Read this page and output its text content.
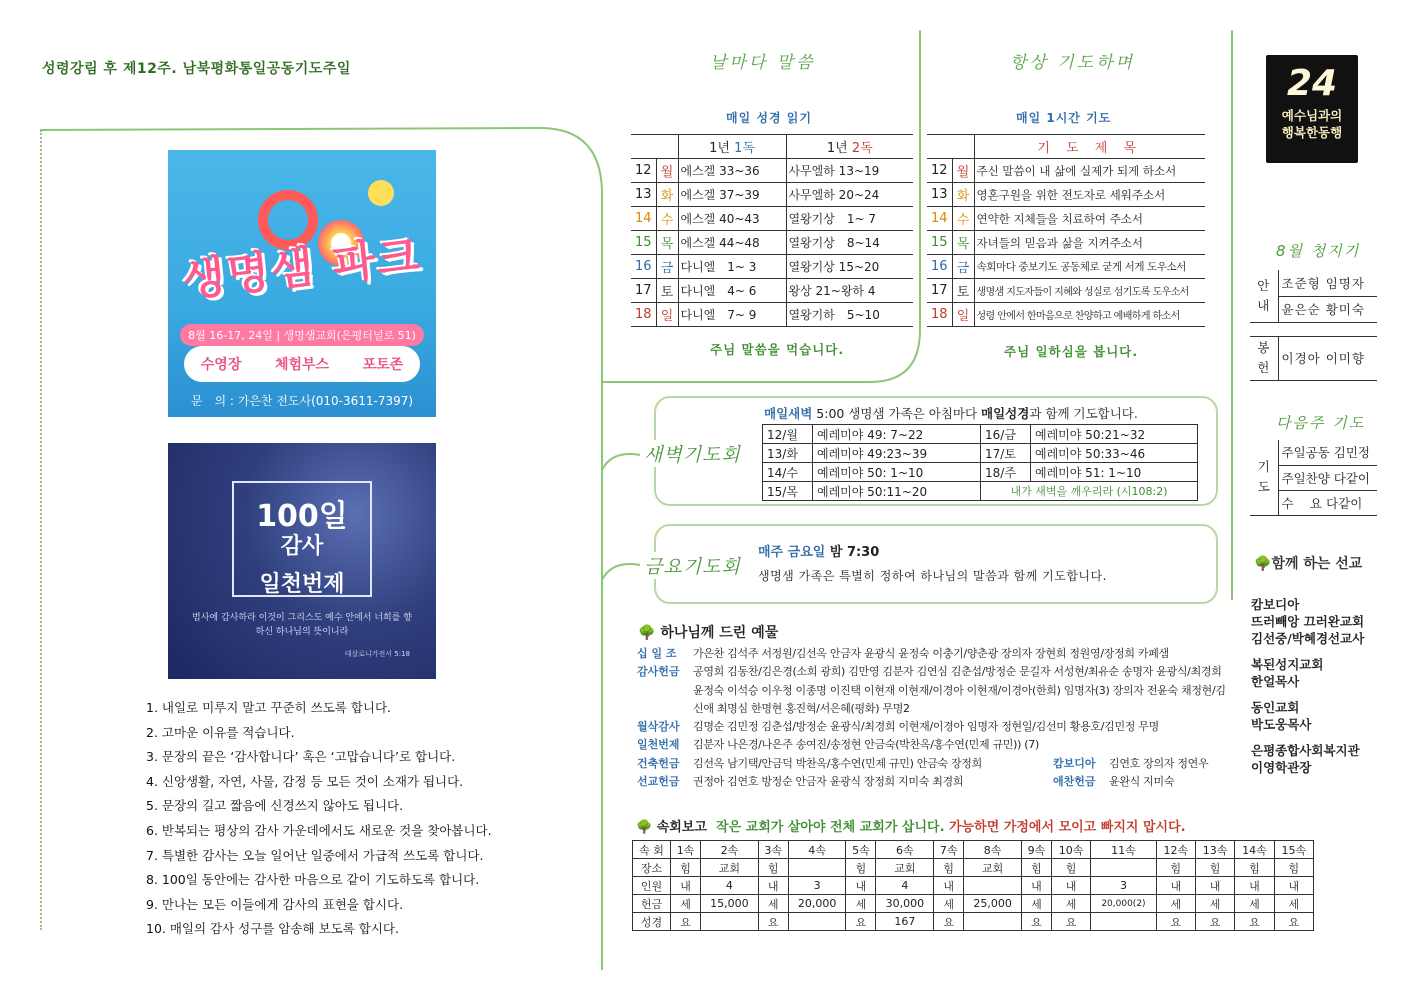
성령강림 후 제12주. 남북평화통일공동기도주일
생명샘 파크
8월 16-17, 24일 | 생명샘교회(은평터널로 51)
수영장 체험부스 포토존
문　의 : 가은찬 전도사(010-3611-7397)
100일
감사
일천번제
범사에 감사하라 이것이 그리스도 예수 안에서 너희를 향하신 하나님의 뜻이니라
데살로니가전서 5:18
1. 내일로 미루지 말고 꾸준히 쓰도록 합니다.
2. 고마운 이유를 적습니다.
3. 문장의 끝은 ‘감사합니다’ 혹은 ‘고맙습니다’로 합니다.
4. 신앙생활, 자연, 사물, 감정 등 모든 것이 소재가 됩니다.
5. 문장의 길고 짧음에 신경쓰지 않아도 됩니다.
6. 반복되는 평상의 감사 가운데에서도 새로운 것을 찾아봅니다.
7. 특별한 감사는 오늘 일어난 일중에서 가급적 쓰도록 합니다.
8. 100일 동안에는 감사한 마음으로 같이 기도하도록 합니다.
9. 만나는 모든 이들에게 감사의 표현을 합시다.
10. 매일의 감사 성구를 암송해 보도록 합시다.
날마다 말씀
매일 성경 읽기
		1년 1독	1년 2독
12	월	에스겔 33~36	사무엘하 13~19
13	화	에스겔 37~39	사무엘하 20~24
14	수	에스겔 40~43	열왕기상　1~ 7
15	목	에스겔 44~48	열왕기상　8~14
16	금	다니엘　1~ 3	열왕기상 15~20
17	토	다니엘　4~ 6	왕상 21~왕하 4
18	일	다니엘　7~ 9	열왕기하　5~10
주님 말씀을 먹습니다.
항상 기도하며
매일 1시간 기도
		기 도 제 목
12	월	주신 말씀이 내 삶에 실제가 되게 하소서
13	화	영혼구원을 위한 전도자로 세워주소서
14	수	연약한 지체들을 치료하여 주소서
15	목	자녀들의 믿음과 삶을 지켜주소서
16	금	속회마다 중보기도 공동체로 굳게 서게 도우소서
17	토	생명샘 지도자들이 지혜와 성실로 섬기도록 도우소서
18	일	성령 안에서 한마음으로 찬양하고 예배하게 하소서
주님 일하심을 봅니다.
새벽기도회
매일새벽 5:00 생명샘 가족은 아침마다 매일성경과 함께 기도합니다.
12/월	예레미야 49: 7~22	16/금	예레미야 50:21~32
13/화	예레미야 49:23~39	17/토	예레미야 50:33~46
14/수	예레미야 50: 1~10	18/주	예레미야 51: 1~10
15/목	예레미야 50:11~20	내가 새벽을 깨우리라 (시108:2)	
금요기도회
매주 금요일 밤 7:30
생명샘 가족은 특별히 정하여 하나님의 말씀과 함께 기도합니다.
🌳 하나님께 드린 예물
십 일 조	가은찬 김석주 서정원/김선옥 안금자 윤광식 윤정숙 이충기/양춘광 장의자 장현희 정원영/장정희 카페샘
감사헌금	공영희 김동찬/김은경(소희 광희) 김만영 김분자 김연심 김춘섭/방정순 문길자 서성현/최유순 송명자 윤광식/최경희 윤정숙 이석승 이우청 이종명 이진택 이현재 이현재/이경아 이현재/이경아(한희) 임명자(3) 장의자 전윤숙 채정현/김신애 최명심 한명현 홍진혁/서은혜(평화) 무명2
월삭감사	김명순 김민정 김춘섭/방정순 윤광식/최경희 이현재/이경아 임명자 정현일/김선미 황용호/김민정 무명
일천번제	김분자 나은경/나은주 송여진/송정현 안금숙(박찬옥/홍수연(민제 규민)) (7)
건축헌금	김선옥 남기택/안금덕 박찬옥/홍수연(민제 규민) 안금숙 장정희	캄보디아	김연호 장의자 정연우
선교헌금	권정아 김연호 방정순 안금자 윤광식 장정희 지미숙 최경희	애찬헌금	윤완식 지미숙
🌳 속회보고 작은 교회가 살아야 전체 교회가 삽니다. 가능하면 가정에서 모이고 빠지지 맙시다.
속 회	1속	2속	3속	4속	5속	6속	7속	8속	9속	10속	11속	12속	13속	14속	15속
장소	힘	교회	힘		힘	교회	힘	교회	힘	힘		힘	힘	힘	힘
인원	내	4	내	3	내	4	내		내	내	3	내	내	내	내
헌금	세	15,000	세	20,000	세	30,000	세	25,000	세	세	20,000(2)	세	세	세	세
성경	요		요		요	167	요		요	요		요	요	요	요
24
예수님과의
행복한동행
8월 청지기
안내	조준형 임명자
	윤은순 황미숙

봉헌	이경아 이미향
다음주 기도
기도	주일공동 김민정
주일찬양 다같이
수　 요 다같이
🌳함께 하는 선교
캄보디아
뜨러빼앙 끄러완교회
김선중/박혜경선교사
복된성지교회
한얼목사
동인교회
박도웅목사
은평종합사회복지관
이영학관장
